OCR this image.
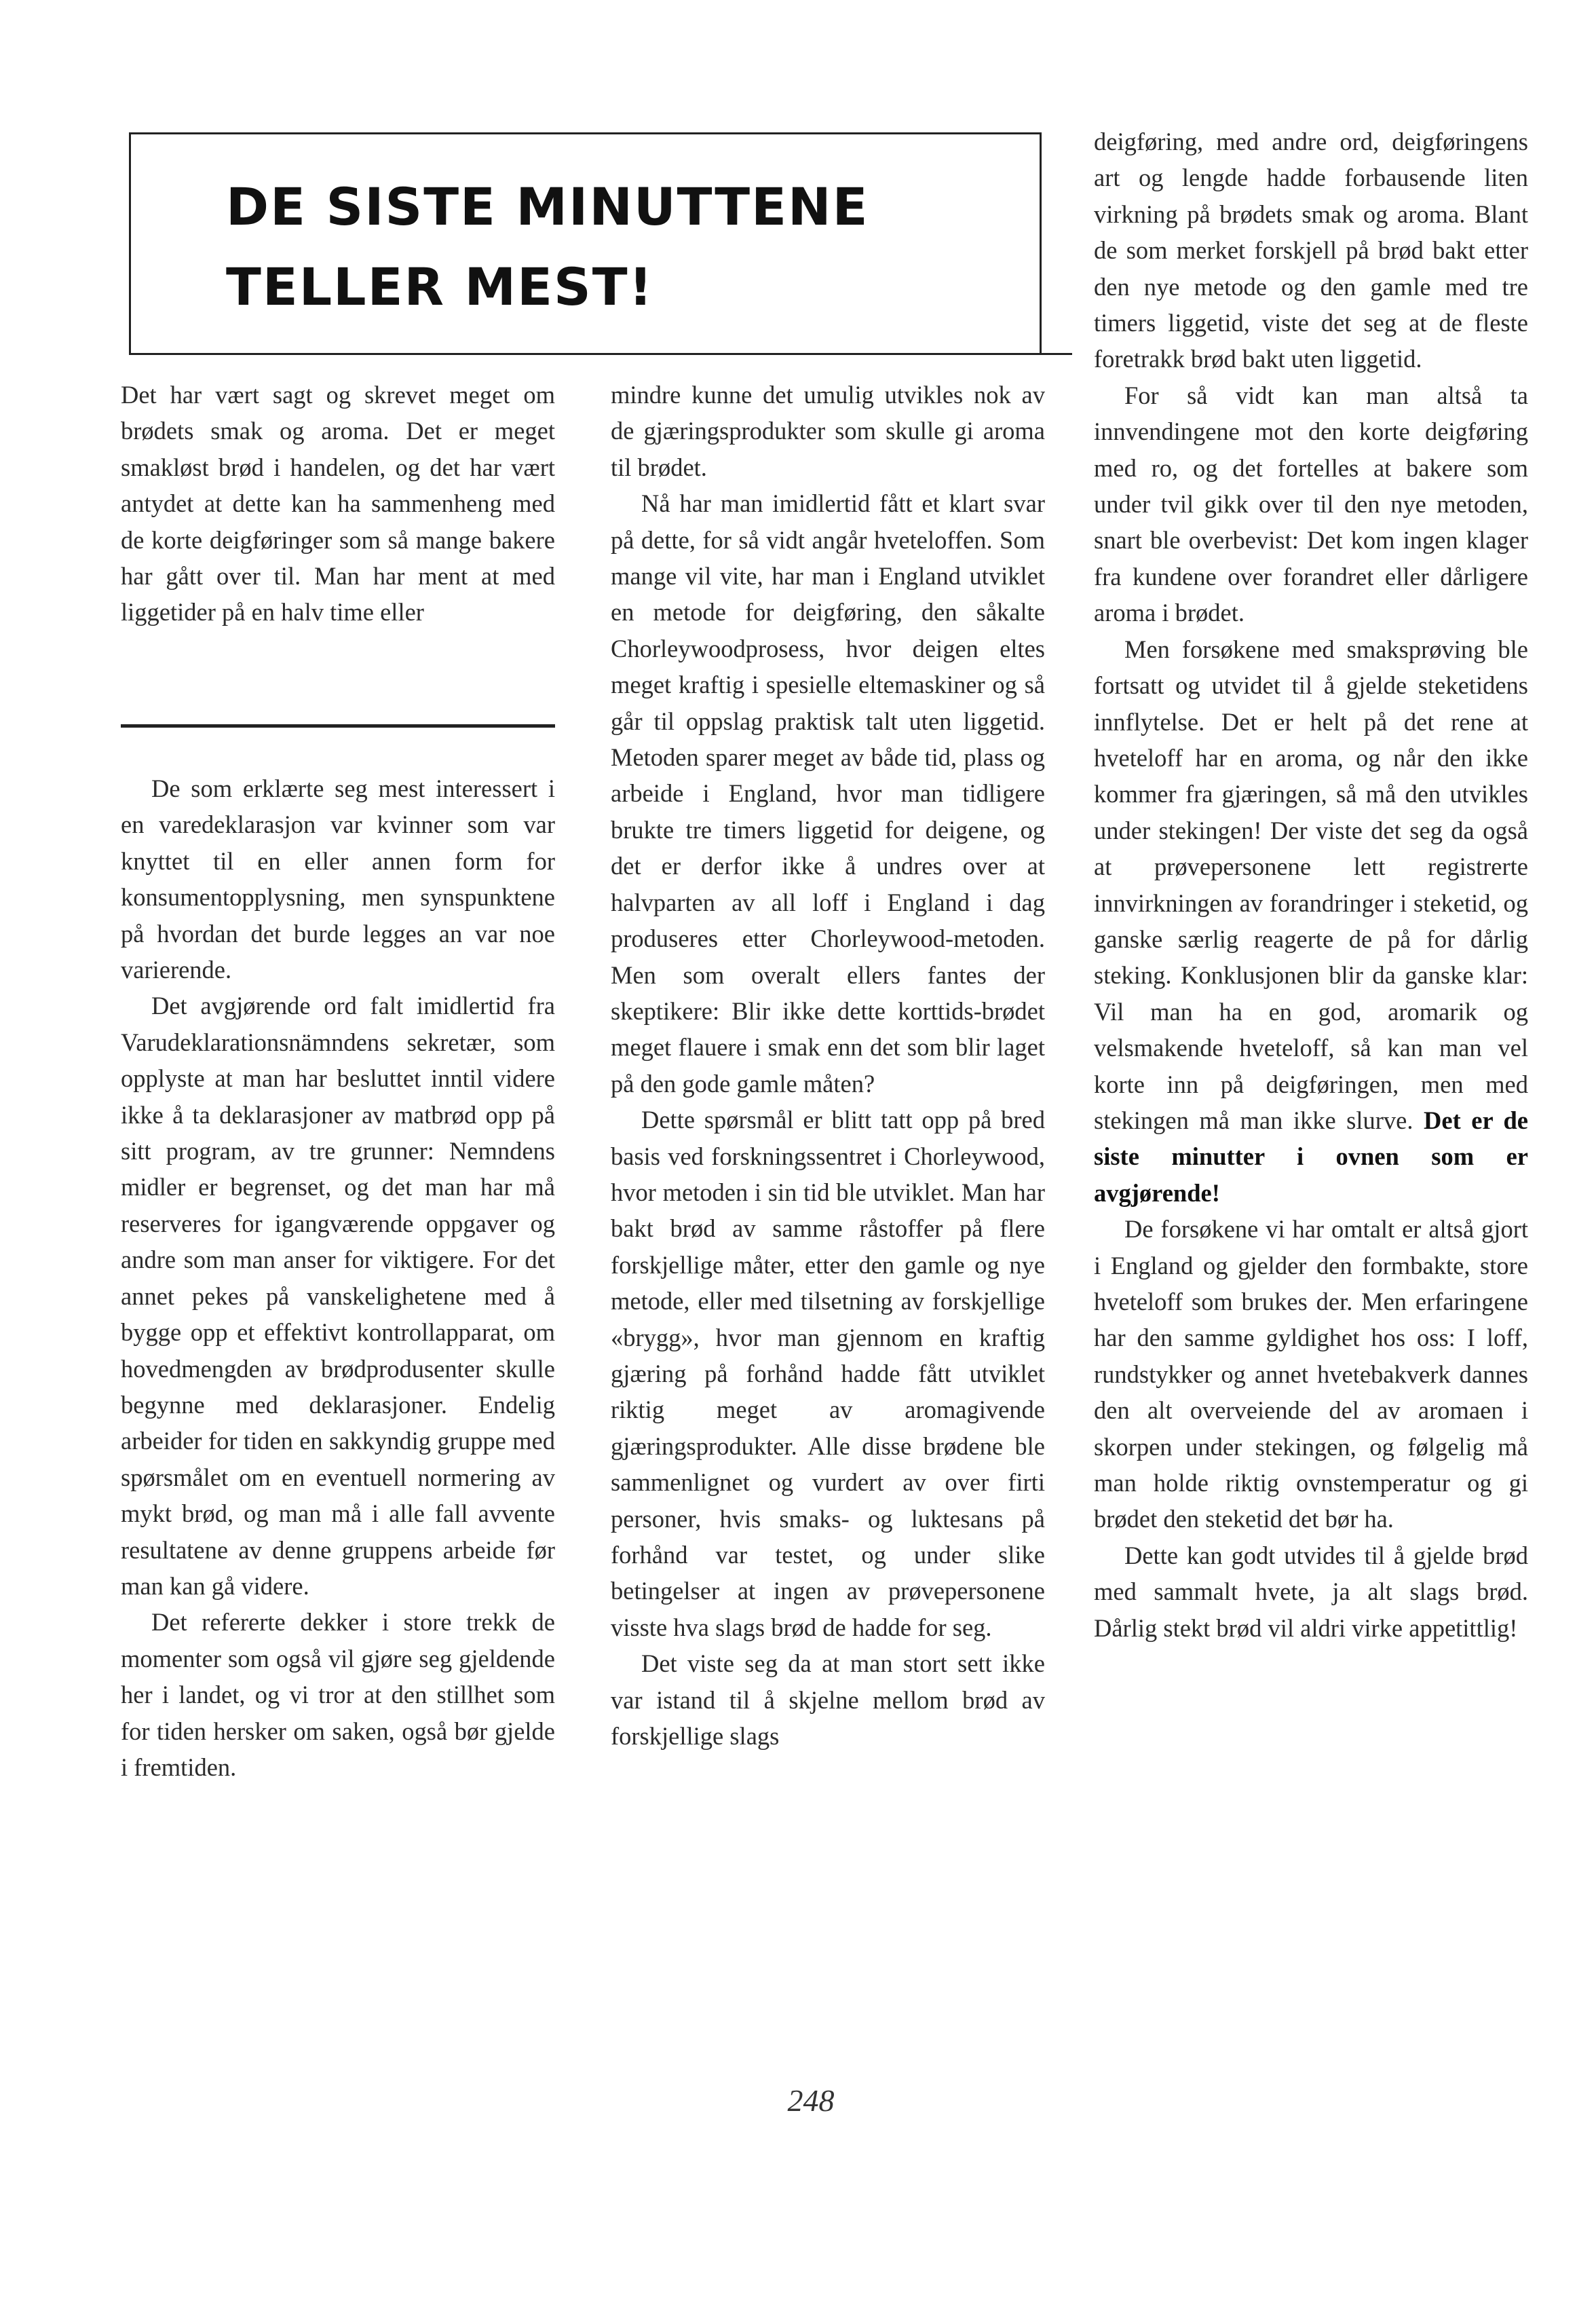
DE SISTE MINUTTENE
TELLER MEST!

Det har vært sagt og skrevet meget om brødets smak og aroma. Det er meget smakløst brød i handelen, og det har vært antydet at dette kan ha sammenheng med de korte deigføringer som så mange bakere har gått over til. Man har ment at med liggetider på en halv time eller

De som erklærte seg mest interessert i en varedeklarasjon var kvinner som var knyttet til en eller annen form for konsumentopplysning, men synspunktene på hvordan det burde legges an var noe varierende.

Det avgjørende ord falt imidlertid fra Varudeklarationsnämndens sekretær, som opplyste at man har besluttet inntil videre ikke å ta deklarasjoner av matbrød opp på sitt program, av tre grunner: Nemndens midler er begrenset, og det man har må reserveres for igangværende oppgaver og andre som man anser for viktigere. For det annet pekes på vanskelighetene med å bygge opp et effektivt kontrollapparat, om hovedmengden av brødprodusenter skulle begynne med deklarasjoner. Endelig arbeider for tiden en sakkyndig gruppe med spørsmålet om en eventuell normering av mykt brød, og man må i alle fall avvente resultatene av denne gruppens arbeide før man kan gå videre.

Det refererte dekker i store trekk de momenter som også vil gjøre seg gjeldende her i landet, og vi tror at den stillhet som for tiden hersker om saken, også bør gjelde i fremtiden.

mindre kunne det umulig utvikles nok av de gjæringsprodukter som skulle gi aroma til brødet.

Nå har man imidlertid fått et klart svar på dette, for så vidt angår hveteloffen. Som mange vil vite, har man i England utviklet en metode for deigføring, den såkalte Chorleywoodprosess, hvor deigen eltes meget kraftig i spesielle eltemaskiner og så går til oppslag praktisk talt uten liggetid. Metoden sparer meget av både tid, plass og arbeide i England, hvor man tidligere brukte tre timers liggetid for deigene, og det er derfor ikke å undres over at halvparten av all loff i England i dag produseres etter Chorleywood-metoden. Men som overalt ellers fantes der skeptikere: Blir ikke dette korttids-brødet meget flauere i smak enn det som blir laget på den gode gamle måten?

Dette spørsmål er blitt tatt opp på bred basis ved forskningssentret i Chorleywood, hvor metoden i sin tid ble utviklet. Man har bakt brød av samme råstoffer på flere forskjellige måter, etter den gamle og nye metode, eller med tilsetning av forskjellige «brygg», hvor man gjennom en kraftig gjæring på forhånd hadde fått utviklet riktig meget av aromagivende gjæringsprodukter. Alle disse brødene ble sammenlignet og vurdert av over firti personer, hvis smaks- og luktesans på forhånd var testet, og under slike betingelser at ingen av prøvepersonene visste hva slags brød de hadde for seg.

Det viste seg da at man stort sett ikke var istand til å skjelne mellom brød av forskjellige slags

deigføring, med andre ord, deigføringens art og lengde hadde forbausende liten virkning på brødets smak og aroma. Blant de som merket forskjell på brød bakt etter den nye metode og den gamle med tre timers liggetid, viste det seg at de fleste foretrakk brød bakt uten liggetid.

For så vidt kan man altså ta innvendingene mot den korte deigføring med ro, og det fortelles at bakere som under tvil gikk over til den nye metoden, snart ble overbevist: Det kom ingen klager fra kundene over forandret eller dårligere aroma i brødet.

Men forsøkene med smaksprøving ble fortsatt og utvidet til å gjelde steketidens innflytelse. Det er helt på det rene at hveteloff har en aroma, og når den ikke kommer fra gjæringen, så må den utvikles under stekingen! Der viste det seg da også at prøvepersonene lett registrerte innvirkningen av forandringer i steketid, og ganske særlig reagerte de på for dårlig steking. Konklusjonen blir da ganske klar: Vil man ha en god, aromarik og velsmakende hveteloff, så kan man vel korte inn på deigføringen, men med stekingen må man ikke slurve. Det er de siste minutter i ovnen som er avgjørende!

De forsøkene vi har omtalt er altså gjort i England og gjelder den formbakte, store hveteloff som brukes der. Men erfaringene har den samme gyldighet hos oss: I loff, rundstykker og annet hvetebakverk dannes den alt overveiende del av aromaen i skorpen under stekingen, og følgelig må man holde riktig ovnstemperatur og gi brødet den steketid det bør ha.

Dette kan godt utvides til å gjelde brød med sammalt hvete, ja alt slags brød. Dårlig stekt brød vil aldri virke appetittlig!

248
